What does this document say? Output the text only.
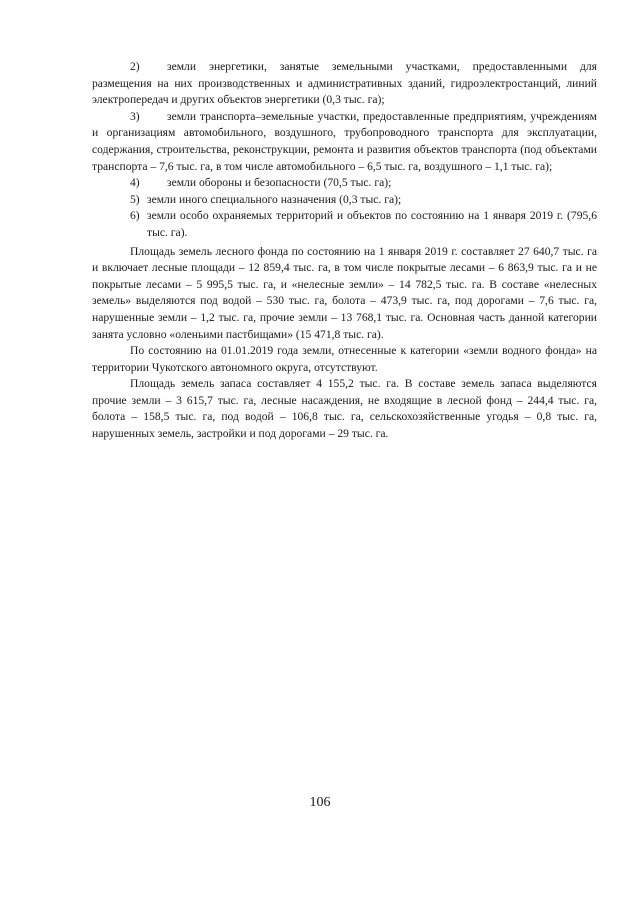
2) земли энергетики, занятые земельными участками, предоставленными для размещения на них производственных и административных зданий, гидроэлектростанций, линий электропередач и других объектов энергетики (0,3 тыс. га);

3) земли транспорта–земельные участки, предоставленные предприятиям, учреждениям и организациям автомобильного, воздушного, трубопроводного транспорта для эксплуатации, содержания, строительства, реконструкции, ремонта и развития объектов транспорта (под объектами транспорта – 7,6 тыс. га, в том числе автомобильного – 6,5 тыс. га, воздушного – 1,1 тыс. га);

4) земли обороны и безопасности (70,5 тыс. га);

5) земли иного специального назначения (0,3 тыс. га);

6) земли особо охраняемых территорий и объектов по состоянию на 1 января 2019 г. (795,6 тыс. га).

Площадь земель лесного фонда по состоянию на 1 января 2019 г. составляет 27 640,7 тыс. га и включает лесные площади – 12 859,4 тыс. га, в том числе покрытые лесами – 6 863,9 тыс. га и не покрытые лесами – 5 995,5 тыс. га, и «нелесные земли» – 14 782,5 тыс. га. В составе «нелесных земель» выделяются под водой – 530 тыс. га, болота – 473,9 тыс. га, под дорогами – 7,6 тыс. га, нарушенные земли – 1,2 тыс. га, прочие земли – 13 768,1 тыс. га. Основная часть данной категории занята условно «оленьими пастбищами» (15 471,8 тыс. га).

По состоянию на 01.01.2019 года земли, отнесенные к категории «земли водного фонда» на территории Чукотского автономного округа, отсутствуют.

Площадь земель запаса составляет 4 155,2 тыс. га. В составе земель запаса выделяются прочие земли – 3 615,7 тыс. га, лесные насаждения, не входящие в лесной фонд – 244,4 тыс. га, болота – 158,5 тыс. га, под водой – 106,8 тыс. га, сельскохозяйственные угодья – 0,8 тыс. га, нарушенных земель, застройки и под дорогами – 29 тыс. га.

106
